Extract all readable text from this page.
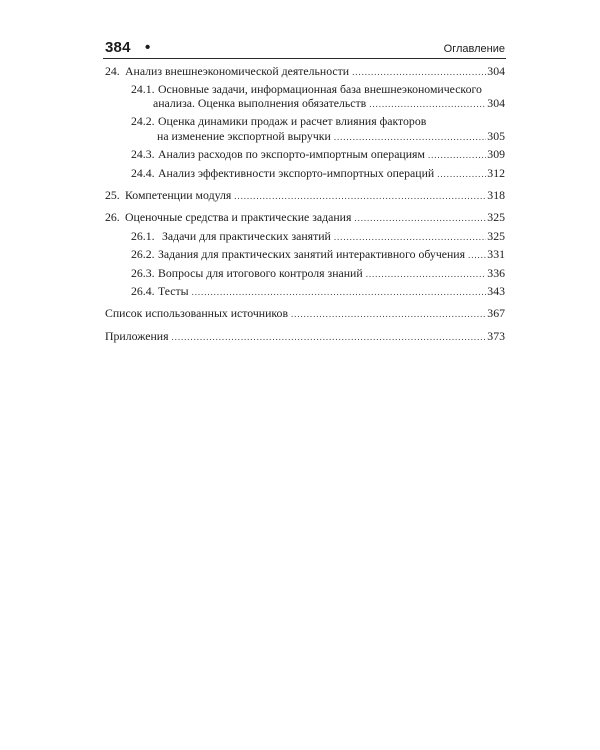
384 •	Оглавление
24. Анализ внешнеэкономической деятельности .....	304
24.1. Основные задачи, информационная база внешнеэкономического
анализа. Оценка выполнения обязательств .....	304
24.2. Оценка динамики продаж и расчет влияния факторов
на изменение экспортной выручки .....	305
24.3. Анализ расходов по экспорто-импортным операциям .....	309
24.4. Анализ эффективности экспорто-импортных операций .....	312
25. Компетенции модуля .....	318
26. Оценочные средства и практические задания .....	325
26.1. Задачи для практических занятий .....	325
26.2. Задания для практических занятий интерактивного обучения ..... 331
26.3. Вопросы для итогового контроля знаний .....	336
26.4. Тесты .....	343
Список использованных источников .....	367
Приложения .....	373
